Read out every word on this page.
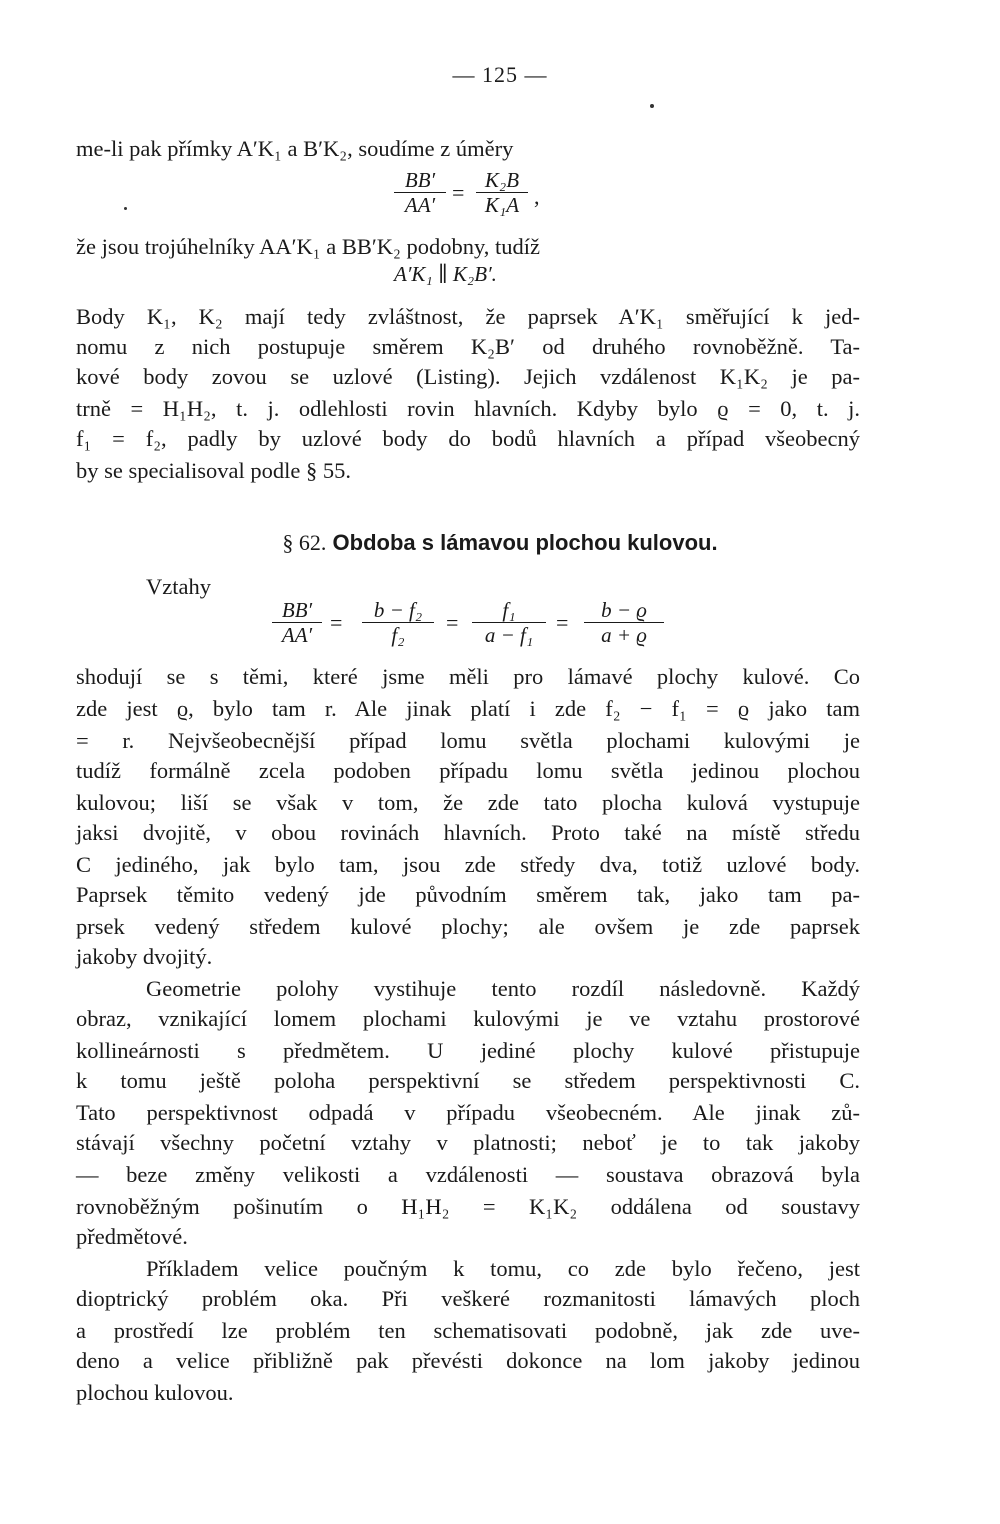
— 125 —
me-li pak přímky A′K₁ a B′K₂, soudíme z úměry
$\frac{BB'}{AA'} = \frac{\text{K₂B}}{\text{K₁A}}$ ,
že jsou trojúhelníky AA′K₁ a BB′K₂ podobny, tudíž
A′K₁ ∥ K₂B′.
Body K₁, K₂ mají tedy zvláštnost, že paprsek A′K₁ směřující k jed-
nomu z nich postupuje směrem K₂B′ od druhého rovnoběžně. Ta-
kové body zovou se uzlové (Listing). Jejich vzdálenost K₁K₂ je pa-
trně = H₁H₂, t. j. odlehlosti rovin hlavních. Kdyby bylo ϱ = 0, t. j.
f₁ = f₂, padly by uzlové body do bodů hlavních a případ všeobecný
by se specialisoval podle § 55.
§ 62. Obdoba s lámavou plochou kulovou.
Vztahy
$\frac{BB'}{AA'} = \frac{\text{b − f₂}}{\text{f₂}} = \frac{\text{f₁}}{\text{a − f₁}} = \frac{b - ϱ}{a + ϱ}$
shodují se s těmi, které jsme měli pro lámavé plochy kulové. Co
zde jest ϱ, bylo tam r. Ale jinak platí i zde f₂ − f₁ = ϱ jako tam
= r. Nejvšeobecnější případ lomu světla plochami kulovými je
tudíž formálně zcela podoben případu lomu světla jedinou plochou
kulovou; liší se však v tom, že zde tato plocha kulová vystupuje
jaksi dvojitě, v obou rovinách hlavních. Proto také na místě středu
C jediného, jak bylo tam, jsou zde středy dva, totiž uzlové body.
Paprsek těmito vedený jde původním směrem tak, jako tam pa-
prsek vedený středem kulové plochy; ale ovšem je zde paprsek
jakoby dvojitý.
Geometrie polohy vystihuje tento rozdíl následovně. Každý
obraz, vznikající lomem plochami kulovými je ve vztahu prostorové
kollineárnosti s předmětem. U jediné plochy kulové přistupuje
k tomu ještě poloha perspektivní se středem perspektivnosti C.
Tato perspektivnost odpadá v případu všeobecném. Ale jinak zů-
stávají všechny početní vztahy v platnosti; neboť je to tak jakoby
— beze změny velikosti a vzdálenosti — soustava obrazová byla
rovnoběžným pošinutím o H₁H₂ = K₁K₂ oddálena od soustavy
předmětové.
Příkladem velice poučným k tomu, co zde bylo řečeno, jest
dioptrický problém oka. Při veškeré rozmanitosti lámavých ploch
a prostředí lze problém ten schematisovati podobně, jak zde uve-
deno a velice přibližně pak převésti dokonce na lom jakoby jedinou
plochou kulovou.
